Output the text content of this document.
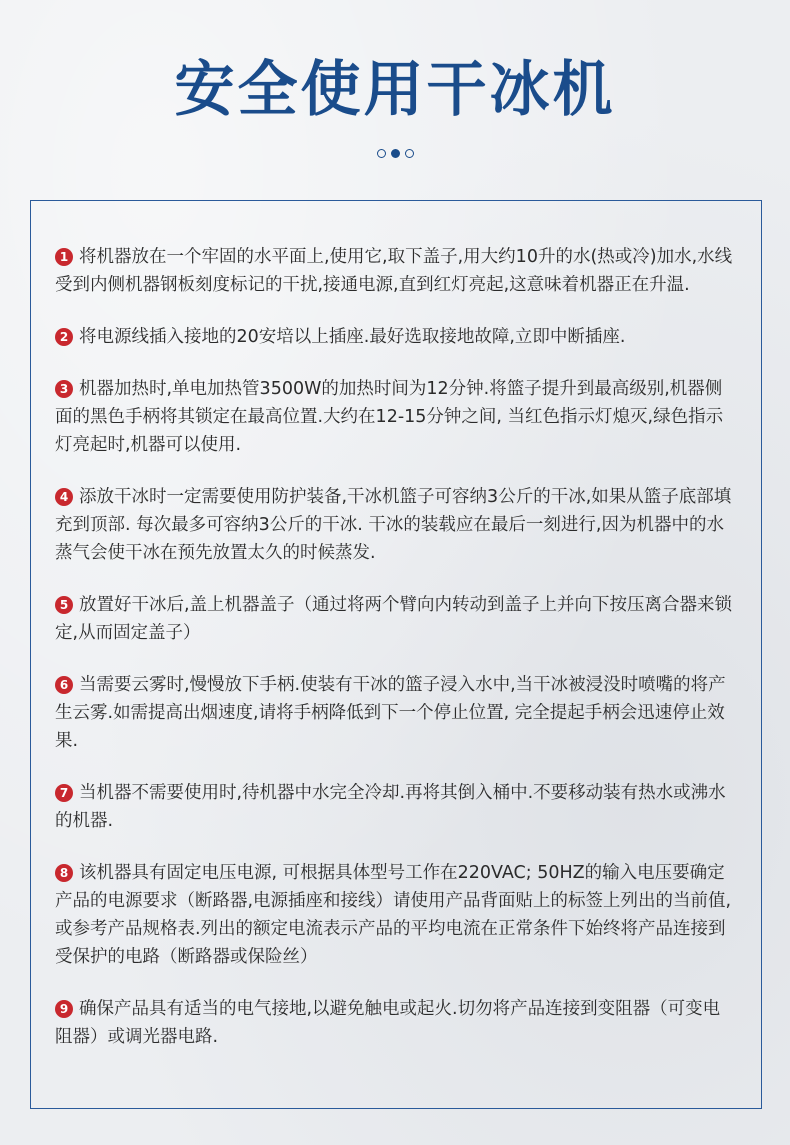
安全使用干冰机
1 将机器放在一个牢固的水平面上,使用它,取下盖子,用大约10升的水(热或冷)加水,水线受到内侧机器钢板刻度标记的干扰,接通电源,直到红灯亮起,这意味着机器正在升温.
2 将电源线插入接地的20安培以上插座.最好选取接地故障,立即中断插座.
3 机器加热时,单电加热管3500W的加热时间为12分钟.将篮子提升到最高级别,机器侧面的黑色手柄将其锁定在最高位置.大约在12-15分钟之间, 当红色指示灯熄灭,绿色指示灯亮起时,机器可以使用.
4 添放干冰时一定需要使用防护装备,干冰机篮子可容纳3公斤的干冰,如果从篮子底部填充到顶部. 每次最多可容纳3公斤的干冰. 干冰的装载应在最后一刻进行,因为机器中的水蒸气会使干冰在预先放置太久的时候蒸发.
5 放置好干冰后,盖上机器盖子（通过将两个臂向内转动到盖子上并向下按压离合器来锁定,从而固定盖子）
6 当需要云雾时,慢慢放下手柄.使装有干冰的篮子浸入水中,当干冰被浸没时喷嘴的将产生云雾.如需提高出烟速度,请将手柄降低到下一个停止位置, 完全提起手柄会迅速停止效果.
7 当机器不需要使用时,待机器中水完全冷却.再将其倒入桶中.不要移动装有热水或沸水的机器.
8 该机器具有固定电压电源, 可根据具体型号工作在220VAC; 50HZ的输入电压要确定产品的电源要求（断路器,电源插座和接线）请使用产品背面贴上的标签上列出的当前值,或参考产品规格表.列出的额定电流表示产品的平均电流在正常条件下始终将产品连接到受保护的电路（断路器或保险丝）
9 确保产品具有适当的电气接地,以避免触电或起火.切勿将产品连接到变阻器（可变电阻器）或调光器电路.
